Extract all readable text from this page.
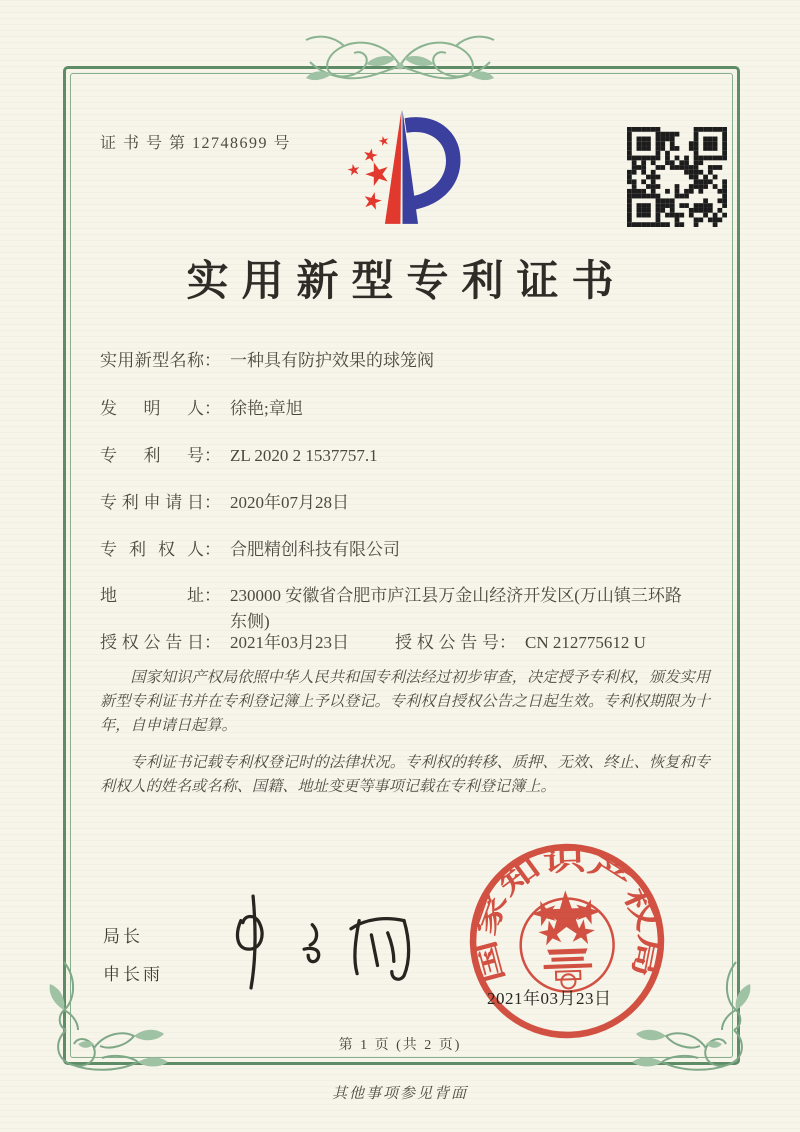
证 书 号 第 12748699 号
实用新型专利证书
实用新型名称： 一种具有防护效果的球笼阀
发明人： 徐艳;章旭
专利号： ZL 2020 2 1537757.1
专利申请日： 2020年07月28日
专利权人： 合肥精创科技有限公司
地址： 230000 安徽省合肥市庐江县万金山经济开发区(万山镇三环路东侧)
授权公告日： 2021年03月23日	授权公告号： CN 212775612 U

国家知识产权局依照中华人民共和国专利法经过初步审查，决定授予专利权，颁发实用新型专利证书并在专利登记簿上予以登记。专利权自授权公告之日起生效。专利权期限为十年，自申请日起算。

专利证书记载专利权登记时的法律状况。专利权的转移、质押、无效、终止、恢复和专利权人的姓名或名称、国籍、地址变更等事项记载在专利登记簿上。

局长
申长雨	国家知识产权局
2021年03月23日
第 1 页 (共 2 页)
其他事项参见背面
